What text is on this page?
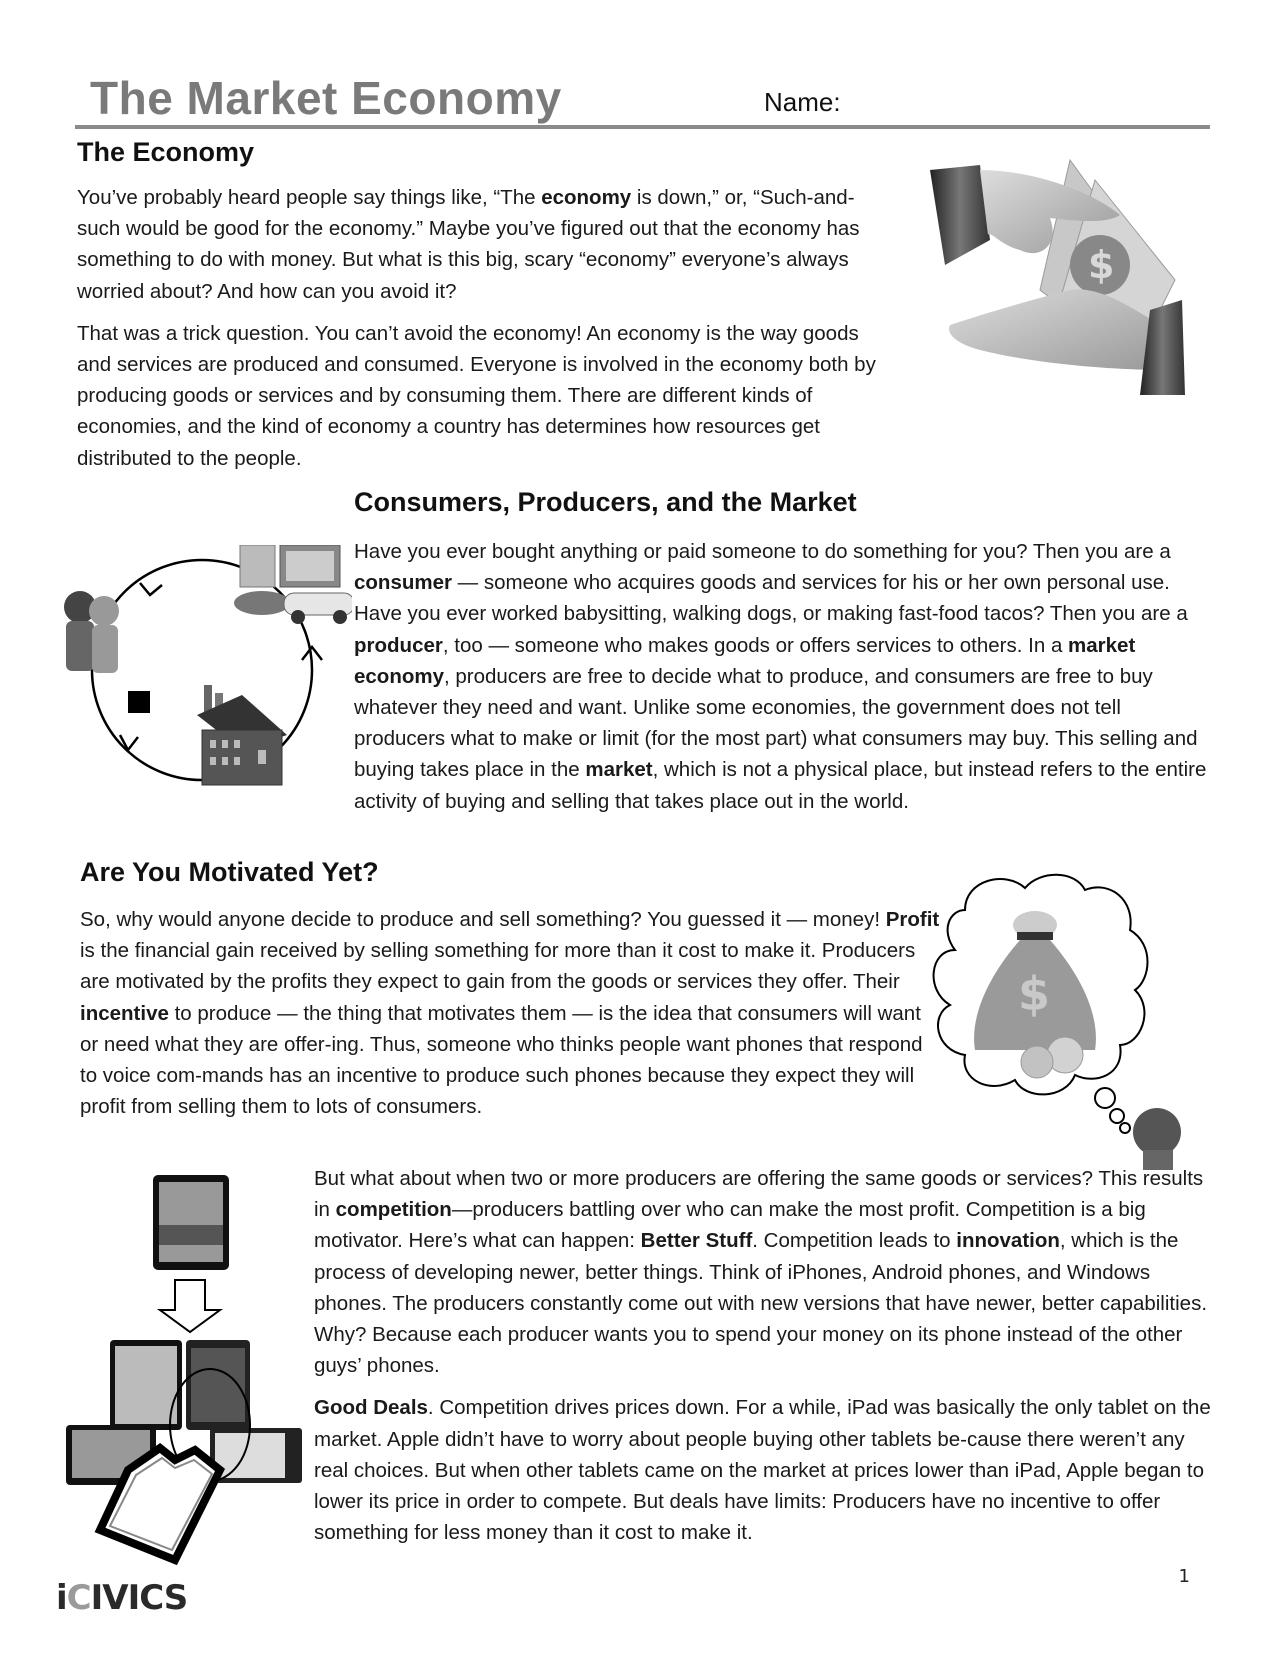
The Market Economy	Name:
The Economy

You’ve probably heard people say things like, “The economy is down,” or, “Such-and-such would be good for the economy.” Maybe you’ve figured out that the economy has something to do with money. But what is this big, scary “economy” everyone’s always worried about? And how can you avoid it?

That was a trick question. You can’t avoid the economy! An economy is the way goods and services are produced and consumed. Everyone is involved in the economy both by producing goods or services and by consuming them. There are different kinds of economies, and the kind of economy a country has determines how resources get distributed to the people.

$
Consumers, Producers, and the Market

Have you ever bought anything or paid someone to do something for you? Then you are a consumer — someone who acquires goods and services for his or her own personal use. Have you ever worked babysitting, walking dogs, or making fast-food tacos? Then you are a producer, too — someone who makes goods or offers services to others. In a market economy, producers are free to decide what to produce, and consumers are free to buy whatever they need and want. Unlike some economies, the government does not tell producers what to make or limit (for the most part) what consumers may buy. This selling and buying takes place in the market, which is not a physical place, but instead refers to the entire activity of buying and selling that takes place out in the world.

Are You Motivated Yet?

So, why would anyone decide to produce and sell something? You guessed it — money! Profit is the financial gain received by selling something for more than it cost to make it. Producers are motivated by the profits they expect to gain from the goods or services they offer. Their incentive to produce — the thing that motivates them — is the idea that consumers will want or need what they are offer-ing. Thus, someone who thinks people want phones that respond to voice com-mands has an incentive to produce such phones because they expect they will profit from selling them to lots of consumers.

$

But what about when two or more producers are offering the same goods or services? This results in competition—producers battling over who can make the most profit. Competition is a big motivator. Here’s what can happen: Better Stuff. Competition leads to innovation, which is the process of developing newer, better things. Think of iPhones, Android phones, and Windows phones. The producers constantly come out with new versions that have newer, better capabilities. Why? Because each producer wants you to spend your money on its phone instead of the other guys’ phones.

Good Deals. Competition drives prices down. For a while, iPad was basically the only tablet on the market. Apple didn’t have to worry about people buying other tablets be-cause there weren’t any real choices. But when other tablets came on the market at prices lower than iPad, Apple began to lower its price in order to compete. But deals have limits: Producers have no incentive to offer something for less money than it cost to make it.

iCIVICS
1
